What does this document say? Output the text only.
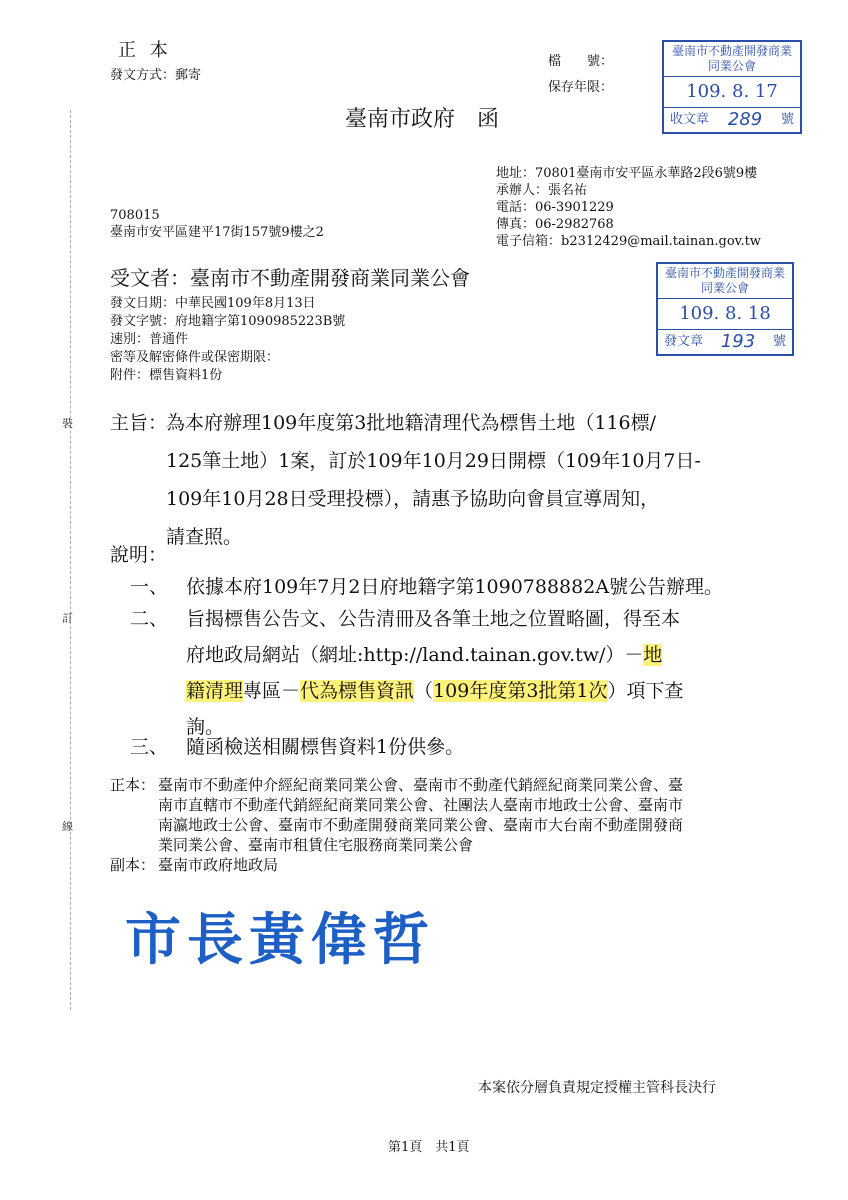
裝
訂
線
正 本
發文方式：郵寄
檔　　號：
保存年限：
臺南市政府　函
臺南市不動產開發商業同業公會
109. 8. 17
收文章 289 號
地址：70801臺南市安平區永華路2段6號9樓
承辦人：張名祐
電話：06-3901229
傳真：06-2982768
電子信箱：b2312429@mail.tainan.gov.tw
708015
臺南市安平區建平17街157號9樓之2
受文者：臺南市不動產開發商業同業公會	臺南市不動產開發商業同業公會
109. 8. 18
發文章 193 號
發文日期：中華民國109年8月13日
發文字號：府地籍字第1090985223B號
速別：普通件
密等及解密條件或保密期限：
附件：標售資料1份
主旨：
為本府辦理109年度第3批地籍清理代為標售土地（116標/
125筆土地）1案，訂於109年10月29日開標（109年10月7日-
109年10月28日受理投標），請惠予協助向會員宣導周知，
請查照。
說明：
一、 依據本府109年7月2日府地籍字第1090788882A號公告辦理。
二、 旨揭標售公告文、公告清冊及各筆土地之位置略圖，得至本
府地政局網站（網址:http://land.tainan.gov.tw/）－地
籍清理專區－代為標售資訊（109年度第3批第1次）項下查
詢。
三、 隨函檢送相關標售資料1份供參。
正本： 臺南市不動產仲介經紀商業同業公會、臺南市不動產代銷經紀商業同業公會、臺
南市直轄市不動產代銷經紀商業同業公會、社團法人臺南市地政士公會、臺南市
南瀛地政士公會、臺南市不動產開發商業同業公會、臺南市大台南不動產開發商
業同業公會、臺南市租賃住宅服務商業同業公會
副本： 臺南市政府地政局
市長黃偉哲
本案依分層負責規定授權主管科長決行
第1頁　共1頁
